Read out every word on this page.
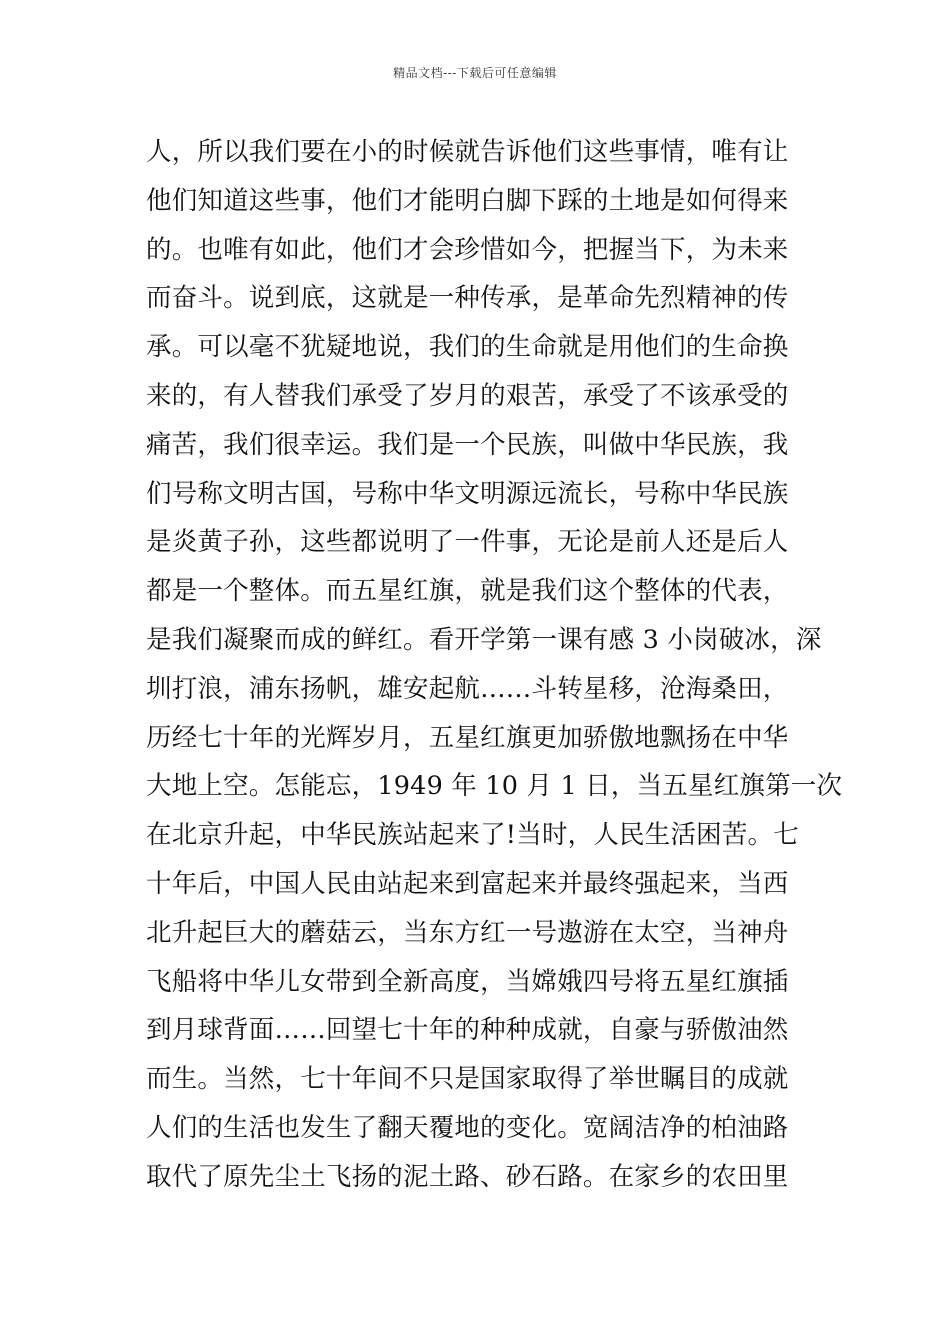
精品文档---下载后可任意编辑
人，所以我们要在小的时候就告诉他们这些事情，唯有让
他们知道这些事，他们才能明白脚下踩的土地是如何得来
的。也唯有如此，他们才会珍惜如今，把握当下，为未来
而奋斗。说到底，这就是一种传承，是革命先烈精神的传
承。可以毫不犹疑地说，我们的生命就是用他们的生命换
来的，有人替我们承受了岁月的艰苦，承受了不该承受的
痛苦，我们很幸运。我们是一个民族，叫做中华民族，我
们号称文明古国，号称中华文明源远流长，号称中华民族
是炎黄子孙，这些都说明了一件事，无论是前人还是后人
都是一个整体。而五星红旗，就是我们这个整体的代表，
是我们凝聚而成的鲜红。看开学第一课有感 3 小岗破冰，深
圳打浪，浦东扬帆，雄安起航……斗转星移，沧海桑田，
历经七十年的光辉岁月，五星红旗更加骄傲地飘扬在中华
大地上空。怎能忘，1949 年 10 月 1 日，当五星红旗第一次
在北京升起，中华民族站起来了!当时，人民生活困苦。七
十年后，中国人民由站起来到富起来并最终强起来，当西
北升起巨大的蘑菇云，当东方红一号遨游在太空，当神舟
飞船将中华儿女带到全新高度，当嫦娥四号将五星红旗插
到月球背面……回望七十年的种种成就，自豪与骄傲油然
而生。当然，七十年间不只是国家取得了举世瞩目的成就
人们的生活也发生了翻天覆地的变化。宽阔洁净的柏油路
取代了原先尘土飞扬的泥土路、砂石路。在家乡的农田里
